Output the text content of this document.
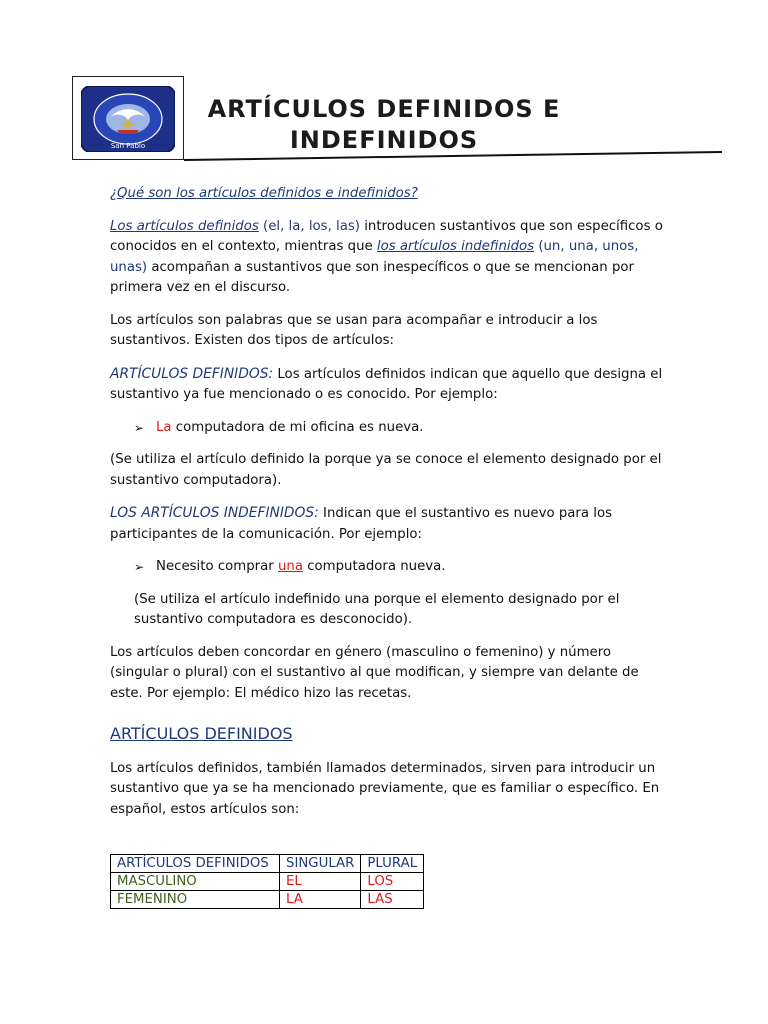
San Pablo
ARTÍCULOS DEFINIDOS E
INDEFINIDOS
¿Qué son los artículos definidos e indefinidos?

Los artículos definidos (el, la, los, las) introducen sustantivos que son específicos o conocidos en el contexto, mientras que los artículos indefinidos (un, una, unos, unas) acompañan a sustantivos que son inespecíficos o que se mencionan por primera vez en el discurso.

Los artículos son palabras que se usan para acompañar e introducir a los sustantivos. Existen dos tipos de artículos:

ARTÍCULOS DEFINIDOS: Los artículos definidos indican que aquello que designa el sustantivo ya fue mencionado o es conocido. Por ejemplo:

➢ La computadora de mi oficina es nueva.

(Se utiliza el artículo definido la porque ya se conoce el elemento designado por el sustantivo computadora).

LOS ARTÍCULOS INDEFINIDOS: Indican que el sustantivo es nuevo para los participantes de la comunicación. Por ejemplo:

➢ Necesito comprar una computadora nueva.

(Se utiliza el artículo indefinido una porque el elemento designado por el sustantivo computadora es desconocido).

Los artículos deben concordar en género (masculino o femenino) y número (singular o plural) con el sustantivo al que modifican, y siempre van delante de este. Por ejemplo: El médico hizo las recetas.

ARTÍCULOS DEFINIDOS

Los artículos definidos, también llamados determinados, sirven para introducir un sustantivo que ya se ha mencionado previamente, que es familiar o específico. En español, estos artículos son:

ARTÍCULOS DEFINIDOS	SINGULAR	PLURAL
MASCULINO	EL	LOS
FEMENINO	LA	LAS
